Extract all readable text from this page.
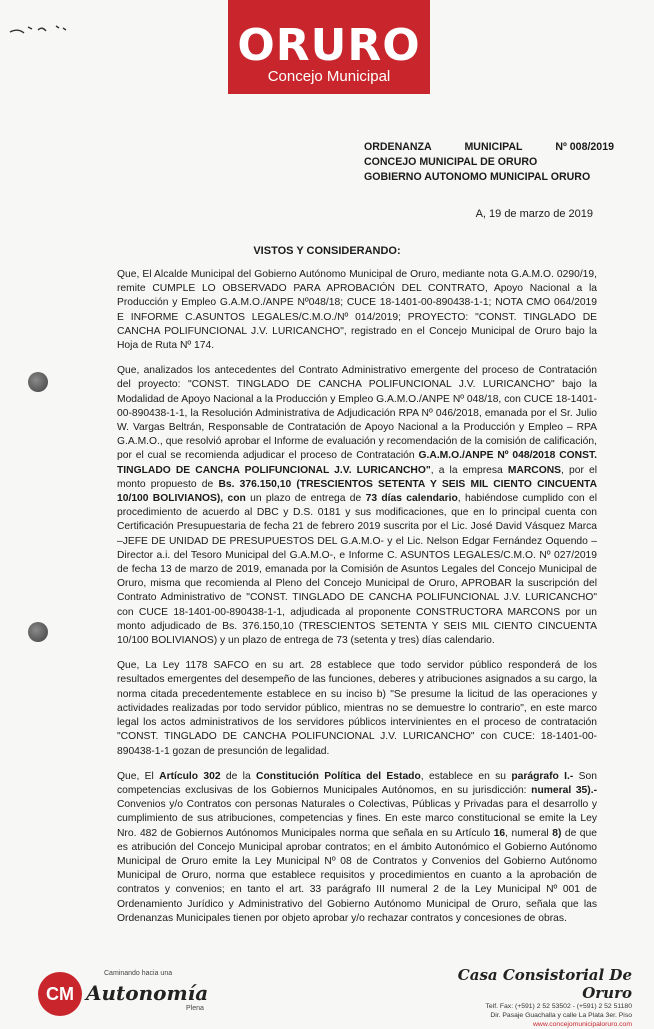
ORURO
Concejo Municipal
ORDENANZA	MUNICIPAL	Nº 008/2019
CONCEJO MUNICIPAL DE ORURO
GOBIERNO AUTONOMO MUNICIPAL ORURO
A, 19 de marzo de 2019
VISTOS Y CONSIDERANDO:

Que, El Alcalde Municipal del Gobierno Autónomo Municipal de Oruro, mediante nota G.A.M.O. 0290/19, remite CUMPLE LO OBSERVADO PARA APROBACIÓN DEL CONTRATO, Apoyo Nacional a la Producción y Empleo G.A.M.O./ANPE Nº048/18; CUCE 18-1401-00-890438-1-1; NOTA CMO 064/2019 E INFORME C.ASUNTOS LEGALES/C.M.O./Nº 014/2019; PROYECTO: "CONST. TINGLADO DE CANCHA POLIFUNCIONAL J.V. LURICANCHO", registrado en el Concejo Municipal de Oruro bajo la Hoja de Ruta Nº 174.

Que, analizados los antecedentes del Contrato Administrativo emergente del proceso de Contratación del proyecto: "CONST. TINGLADO DE CANCHA POLIFUNCIONAL J.V. LURICANCHO" bajo la Modalidad de Apoyo Nacional a la Producción y Empleo G.A.M.O./ANPE Nº 048/18, con CUCE 18-1401-00-890438-1-1, la Resolución Administrativa de Adjudicación RPA Nº 046/2018, emanada por el Sr. Julio W. Vargas Beltrán, Responsable de Contratación de Apoyo Nacional a la Producción y Empleo – RPA G.A.M.O., que resolvió aprobar el Informe de evaluación y recomendación de la comisión de calificación, por el cual se recomienda adjudicar el proceso de Contratación G.A.M.O./ANPE Nº 048/2018 CONST. TINGLADO DE CANCHA POLIFUNCIONAL J.V. LURICANCHO", a la empresa MARCONS, por el monto propuesto de Bs. 376.150,10 (TRESCIENTOS SETENTA Y SEIS MIL CIENTO CINCUENTA 10/100 BOLIVIANOS), con un plazo de entrega de 73 días calendario, habiéndose cumplido con el procedimiento de acuerdo al DBC y D.S. 0181 y sus modificaciones, que en lo principal cuenta con Certificación Presupuestaria de fecha 21 de febrero 2019 suscrita por el Lic. José David Vásquez Marca –JEFE DE UNIDAD DE PRESUPUESTOS DEL G.A.M.O- y el Lic. Nelson Edgar Fernández Oquendo –Director a.i. del Tesoro Municipal del G.A.M.O-, e Informe C. ASUNTOS LEGALES/C.M.O. Nº 027/2019 de fecha 13 de marzo de 2019, emanada por la Comisión de Asuntos Legales del Concejo Municipal de Oruro, misma que recomienda al Pleno del Concejo Municipal de Oruro, APROBAR la suscripción del Contrato Administrativo de "CONST. TINGLADO DE CANCHA POLIFUNCIONAL J.V. LURICANCHO" con CUCE 18-1401-00-890438-1-1, adjudicada al proponente CONSTRUCTORA MARCONS por un monto adjudicado de Bs. 376.150,10 (TRESCIENTOS SETENTA Y SEIS MIL CIENTO CINCUENTA 10/100 BOLIVIANOS) y un plazo de entrega de 73 (setenta y tres) días calendario.

Que, La Ley 1178 SAFCO en su art. 28 establece que todo servidor público responderá de los resultados emergentes del desempeño de las funciones, deberes y atribuciones asignados a su cargo, la norma citada precedentemente establece en su inciso b) "Se presume la licitud de las operaciones y actividades realizadas por todo servidor público, mientras no se demuestre lo contrario", en este marco legal los actos administrativos de los servidores públicos intervinientes en el proceso de contratación "CONST. TINGLADO DE CANCHA POLIFUNCIONAL J.V. LURICANCHO" con CUCE: 18-1401-00-890438-1-1 gozan de presunción de legalidad.

Que, El Artículo 302 de la Constitución Política del Estado, establece en su parágrafo I.- Son competencias exclusivas de los Gobiernos Municipales Autónomos, en su jurisdicción: numeral 35).- Convenios y/o Contratos con personas Naturales o Colectivas, Públicas y Privadas para el desarrollo y cumplimiento de sus atribuciones, competencias y fines. En este marco constitucional se emite la Ley Nro. 482 de Gobiernos Autónomos Municipales norma que señala en su Artículo 16, numeral 8) de que es atribución del Concejo Municipal aprobar contratos; en el ámbito Autonómico el Gobierno Autónomo Municipal de Oruro emite la Ley Municipal Nº 08 de Contratos y Convenios del Gobierno Autónomo Municipal de Oruro, norma que establece requisitos y procedimientos en cuanto a la aprobación de contratos y convenios; en tanto el art. 33 parágrafo III numeral 2 de la Ley Municipal Nº 001 de Ordenamiento Jurídico y Administrativo del Gobierno Autónomo Municipal de Oruro, señala que las Ordenanzas Municipales tienen por objeto aprobar y/o rechazar contratos y concesiones de obras.

CM
Caminando hacia una
Autonomía
Plena
Casa Consistorial De Oruro
Telf. Fax: (+591) 2 52 53502 - (+591) 2 52 51180
Dir. Pasaje Guachalla y calle La Plata 3er. Piso
www.concejomunicipaloruro.com
